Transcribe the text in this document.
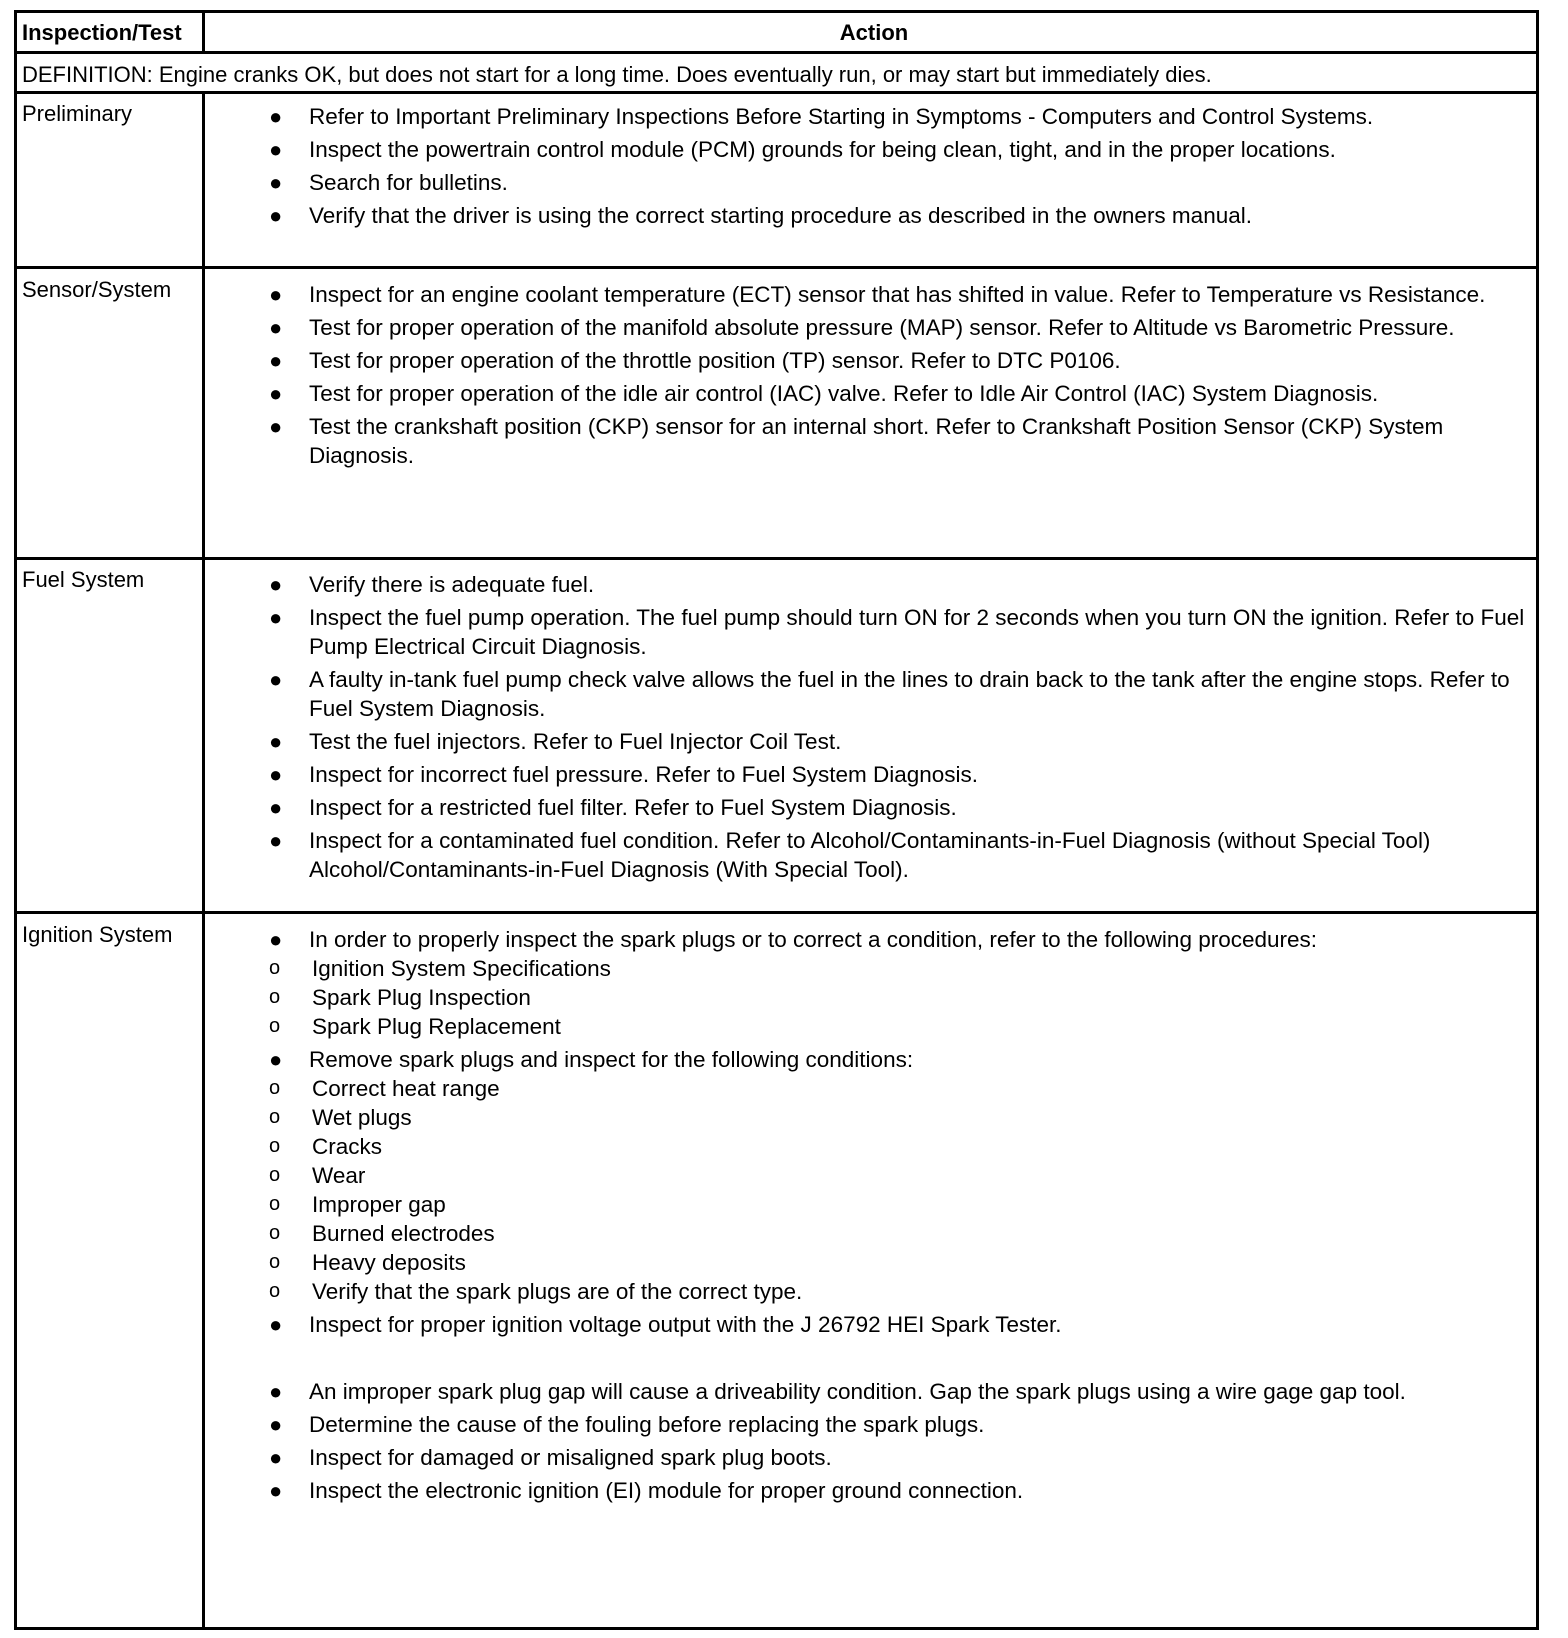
Inspection/Test	Action
DEFINITION: Engine cranks OK, but does not start for a long time. Does eventually run, or may start but immediately dies.
Preliminary	● Refer to Important Preliminary Inspections Before Starting in Symptoms - Computers and Control Systems.
● Inspect the powertrain control module (PCM) grounds for being clean, tight, and in the proper locations.
● Search for bulletins.
● Verify that the driver is using the correct starting procedure as described in the owners manual.
Sensor/System	● Inspect for an engine coolant temperature (ECT) sensor that has shifted in value. Refer to Temperature vs Resistance.
● Test for proper operation of the manifold absolute pressure (MAP) sensor. Refer to Altitude vs Barometric Pressure.
● Test for proper operation of the throttle position (TP) sensor. Refer to DTC P0106.
● Test for proper operation of the idle air control (IAC) valve. Refer to Idle Air Control (IAC) System Diagnosis.
● Test the crankshaft position (CKP) sensor for an internal short. Refer to Crankshaft Position Sensor (CKP) System Diagnosis.
Fuel System	● Verify there is adequate fuel.
● Inspect the fuel pump operation. The fuel pump should turn ON for 2 seconds when you turn ON the ignition. Refer to Fuel Pump Electrical Circuit Diagnosis.
● A faulty in-tank fuel pump check valve allows the fuel in the lines to drain back to the tank after the engine stops. Refer to Fuel System Diagnosis.
● Test the fuel injectors. Refer to Fuel Injector Coil Test.
● Inspect for incorrect fuel pressure. Refer to Fuel System Diagnosis.
● Inspect for a restricted fuel filter. Refer to Fuel System Diagnosis.
● Inspect for a contaminated fuel condition. Refer to Alcohol/Contaminants-in-Fuel Diagnosis (without Special Tool) Alcohol/Contaminants-in-Fuel Diagnosis (With Special Tool).
Ignition System	● In order to properly inspect the spark plugs or to correct a condition, refer to the following procedures:
o Ignition System Specifications
o Spark Plug Inspection
o Spark Plug Replacement
● Remove spark plugs and inspect for the following conditions:
o Correct heat range
o Wet plugs
o Cracks
o Wear
o Improper gap
o Burned electrodes
o Heavy deposits
o Verify that the spark plugs are of the correct type.
● Inspect for proper ignition voltage output with the J 26792 HEI Spark Tester.
● An improper spark plug gap will cause a driveability condition. Gap the spark plugs using a wire gage gap tool.
● Determine the cause of the fouling before replacing the spark plugs.
● Inspect for damaged or misaligned spark plug boots.
● Inspect the electronic ignition (EI) module for proper ground connection.
